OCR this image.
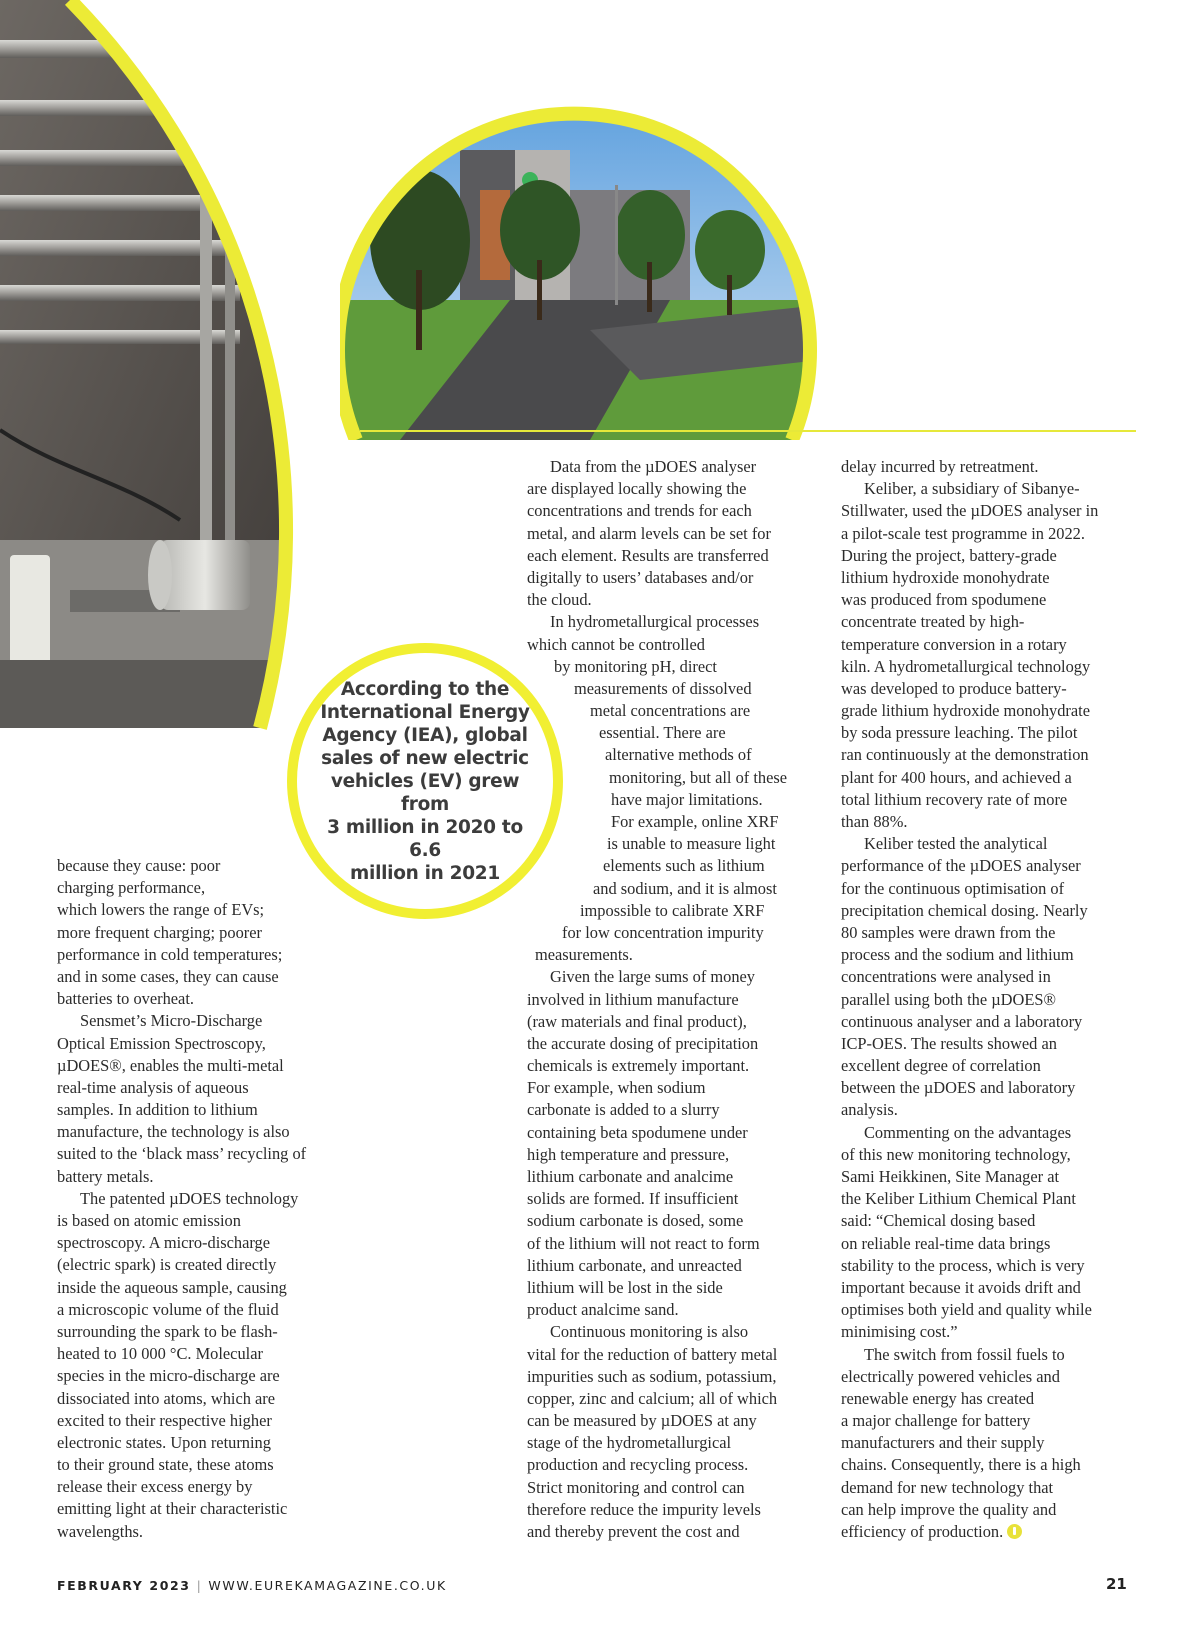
According to the
International Energy
Agency (IEA), global
sales of new electric
vehicles (EV) grew from
3 million in 2020 to 6.6
million in 2021

because they cause: poor
charging performance,
which lowers the range of EVs;
more frequent charging; poorer
performance in cold temperatures;
and in some cases, they can cause
batteries to overheat.
Sensmet’s Micro-Discharge
Optical Emission Spectroscopy,
µDOES®, enables the multi-metal
real-time analysis of aqueous
samples. In addition to lithium
manufacture, the technology is also
suited to the ‘black mass’ recycling of
battery metals.
The patented µDOES technology
is based on atomic emission
spectroscopy. A micro-discharge
(electric spark) is created directly
inside the aqueous sample, causing
a microscopic volume of the fluid
surrounding the spark to be flash-
heated to 10 000 °C. Molecular
species in the micro-discharge are
dissociated into atoms, which are
excited to their respective higher
electronic states. Upon returning
to their ground state, these atoms
release their excess energy by
emitting light at their characteristic
wavelengths.
Data from the µDOES analyser
are displayed locally showing the
concentrations and trends for each
metal, and alarm levels can be set for
each element. Results are transferred
digitally to users’ databases and/or
the cloud.
In hydrometallurgical processes
which cannot be controlled
by monitoring pH, direct
measurements of dissolved
metal concentrations are
essential. There are
alternative methods of
monitoring, but all of these
have major limitations.
For example, online XRF
is unable to measure light
elements such as lithium
and sodium, and it is almost
impossible to calibrate XRF
for low concentration impurity
measurements.
Given the large sums of money
involved in lithium manufacture
(raw materials and final product),
the accurate dosing of precipitation
chemicals is extremely important.
For example, when sodium
carbonate is added to a slurry
containing beta spodumene under
high temperature and pressure,
lithium carbonate and analcime
solids are formed. If insufficient
sodium carbonate is dosed, some
of the lithium will not react to form
lithium carbonate, and unreacted
lithium will be lost in the side
product analcime sand.
Continuous monitoring is also
vital for the reduction of battery metal
impurities such as sodium, potassium,
copper, zinc and calcium; all of which
can be measured by µDOES at any
stage of the hydrometallurgical
production and recycling process.
Strict monitoring and control can
therefore reduce the impurity levels
and thereby prevent the cost and
delay incurred by retreatment.
Keliber, a subsidiary of Sibanye-
Stillwater, used the µDOES analyser in
a pilot-scale test programme in 2022.
During the project, battery-grade
lithium hydroxide monohydrate
was produced from spodumene
concentrate treated by high-
temperature conversion in a rotary
kiln. A hydrometallurgical technology
was developed to produce battery-
grade lithium hydroxide monohydrate
by soda pressure leaching. The pilot
ran continuously at the demonstration
plant for 400 hours, and achieved a
total lithium recovery rate of more
than 88%.
Keliber tested the analytical
performance of the µDOES analyser
for the continuous optimisation of
precipitation chemical dosing. Nearly
80 samples were drawn from the
process and the sodium and lithium
concentrations were analysed in
parallel using both the µDOES®
continuous analyser and a laboratory
ICP-OES. The results showed an
excellent degree of correlation
between the µDOES and laboratory
analysis.
Commenting on the advantages
of this new monitoring technology,
Sami Heikkinen, Site Manager at
the Keliber Lithium Chemical Plant
said: “Chemical dosing based
on reliable real-time data brings
stability to the process, which is very
important because it avoids drift and
optimises both yield and quality while
minimising cost.”
The switch from fossil fuels to
electrically powered vehicles and
renewable energy has created
a major challenge for battery
manufacturers and their supply
chains. Consequently, there is a high
demand for new technology that
can help improve the quality and
efficiency of production.
FEBRUARY 2023 | WWW.EUREKAMAGAZINE.CO.UK	21
